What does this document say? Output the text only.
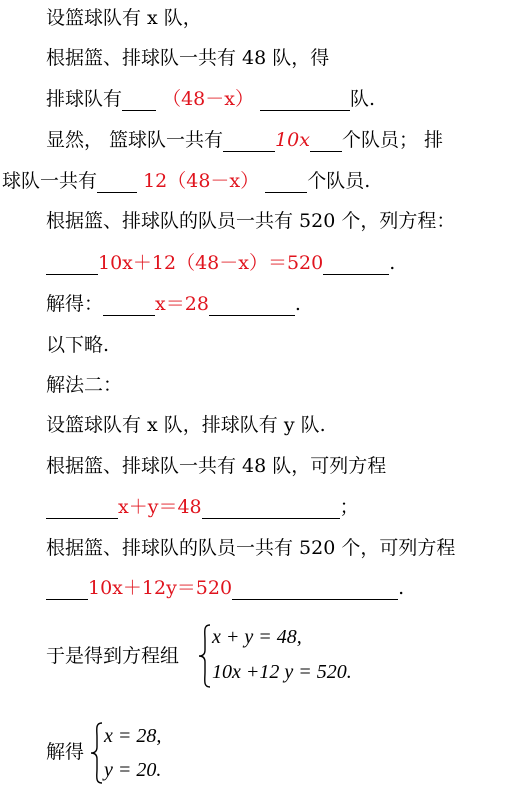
设篮球队有 x 队，
根据篮、排球队一共有 48 队，得
排球队有 （48－x）	队.
显然， 篮球队一共有	10x 个队员； 排
球队一共有 12（48－x）	个队员.
根据篮、排球队的队员一共有 520 个，列方程：
10x＋12（48－x）＝520	.
解得：	x＝28	.
以下略.
解法二：
设篮球队有 x 队，排球队有 y 队.
根据篮、排球队一共有 48 队，可列方程
x＋y＝48	；
根据篮、排球队的队员一共有 520 个，可列方程
10x＋12y＝520	.
于是得到方程组
x + y = 48,
10x +12 y = 520.
解得
x = 28,
y = 20.
